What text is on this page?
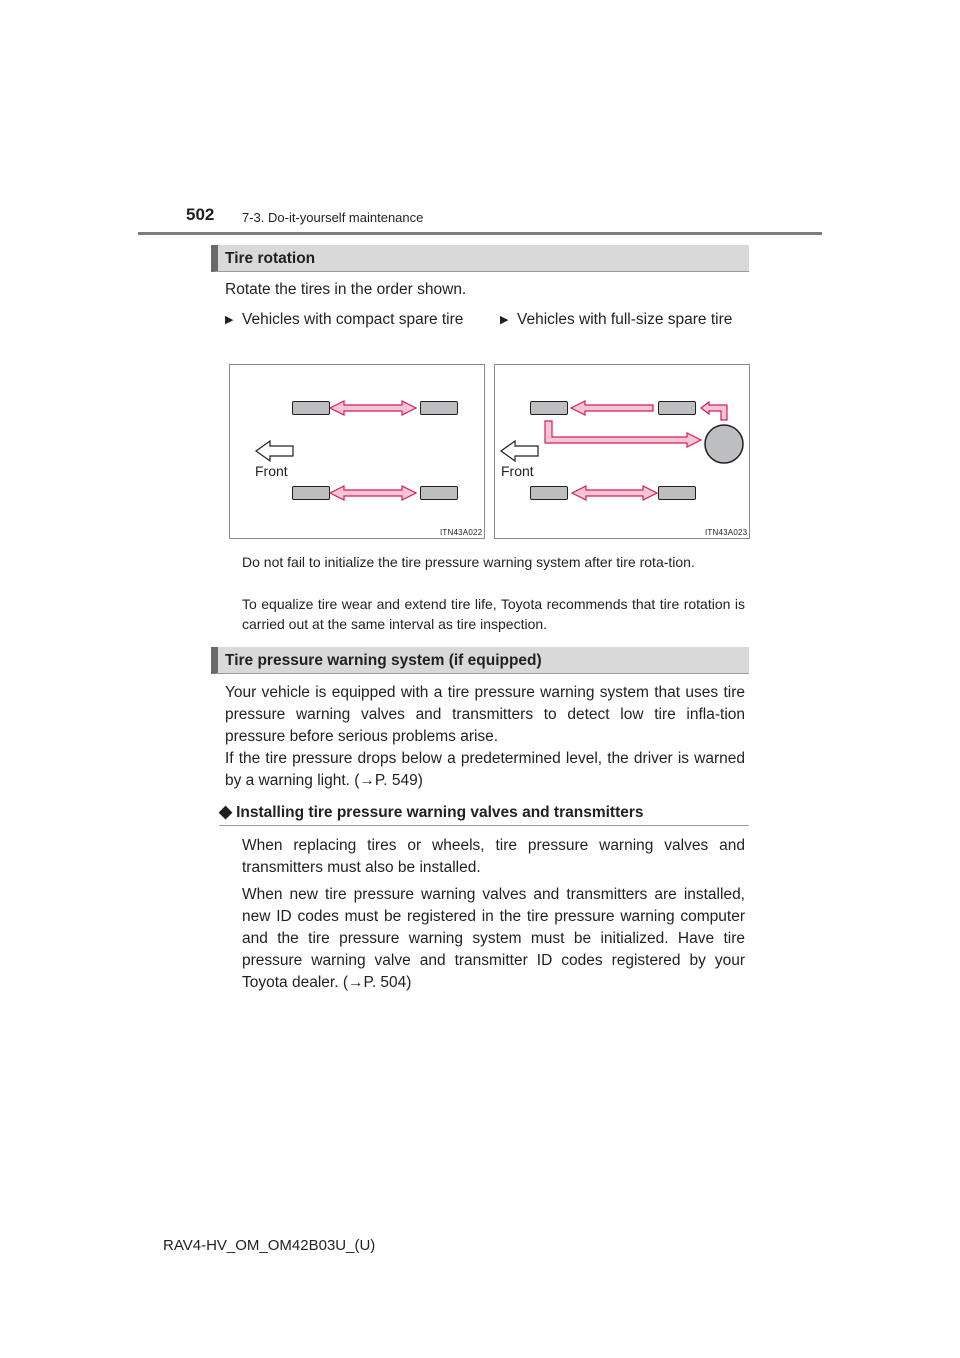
502 7-3. Do-it-yourself maintenance
Tire rotation
Rotate the tires in the order shown.
▶ Vehicles with compact spare tire	▶ Vehicles with full-size spare tire
Front
ITN43A022
Front
ITN43A023
Do not fail to initialize the tire pressure warning system after tire rota-tion.
To equalize tire wear and extend tire life, Toyota recommends that tire rotation is carried out at the same interval as tire inspection.
Tire pressure warning system (if equipped)
Your vehicle is equipped with a tire pressure warning system that uses tire pressure warning valves and transmitters to detect low tire infla-tion pressure before serious problems arise.
If the tire pressure drops below a predetermined level, the driver is warned by a warning light. (→P. 549)
◆ Installing tire pressure warning valves and transmitters
When replacing tires or wheels, tire pressure warning valves and transmitters must also be installed.
When new tire pressure warning valves and transmitters are installed, new ID codes must be registered in the tire pressure warning computer and the tire pressure warning system must be initialized. Have tire pressure warning valve and transmitter ID codes registered by your Toyota dealer. (→P. 504)
RAV4-HV_OM_OM42B03U_(U)
